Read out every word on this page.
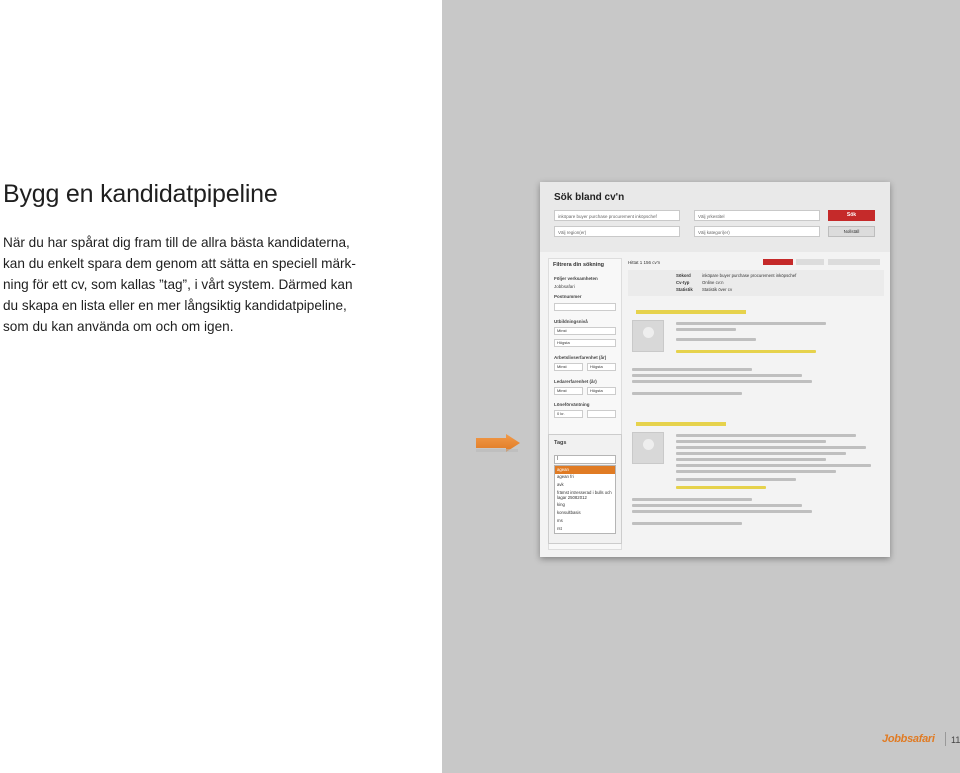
Bygg en kandidatpipeline
När du har spårat dig fram till de allra bästa kandidaterna,
kan du enkelt spara dem genom att sätta en speciell märk-
ning för ett cv, som kallas ”tag”, i vårt system. Därmed kan
du skapa en lista eller en mer långsiktig kandidatpipeline,
som du kan använda om och om igen.
Sök bland cv'n
inköpare buyer purchase procurement inköpschef	Välj yrkestitel
Välj region(er)	Välj kategori(er)
Sök
Nollställ
Filtrera din sökning
Följer verksamheten
Jobbsafari
Postnummer
Utbildningsnivå
Minst
Högsta
Arbetslivserfarenhet (år)
Minst	Högsta
Ledarerfarenhet (år)
Minst	Högsta
Löneförväntning
0 kr.
Tags
l
agean
agean fri
avk
främst intresserad i bulls och lagar 25082012
king
konsultbasis
ms
rst
Hittat 1 156 cv'n
Sökord	inköpare buyer purchase procurement inköpschef
Cv-typ	Online cv:n
Statistik Statistik över cv
Jobbsafari 11
